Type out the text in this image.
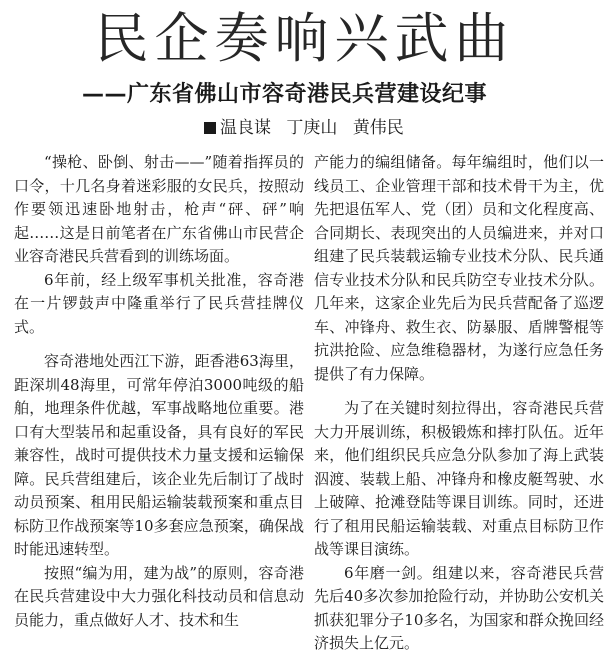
民企奏响兴武曲
——广东省佛山市容奇港民兵营建设纪事
温良谋 丁庚山 黄伟民

“操枪、卧倒、射击——”随着指挥员的口令，十几名身着迷彩服的女民兵，按照动作要领迅速卧地射击，枪声“砰、砰”响起……这是日前笔者在广东省佛山市民营企业容奇港民兵营看到的训练场面。

6年前，经上级军事机关批准，容奇港在一片锣鼓声中隆重举行了民兵营挂牌仪式。

容奇港地处西江下游，距香港63海里，距深圳48海里，可常年停泊3000吨级的船舶，地理条件优越，军事战略地位重要。港口有大型装吊和起重设备，具有良好的军民兼容性，战时可提供技术力量支援和运输保障。民兵营组建后，该企业先后制订了战时动员预案、租用民船运输装载预案和重点目标防卫作战预案等10多套应急预案，确保战时能迅速转型。

按照“编为用，建为战”的原则，容奇港在民兵营建设中大力强化科技动员和信息动员能力，重点做好人才、技术和生

产能力的编组储备。每年编组时，他们以一线员工、企业管理干部和技术骨干为主，优先把退伍军人、党（团）员和文化程度高、合同期长、表现突出的人员编进来，并对口组建了民兵装载运输专业技术分队、民兵通信专业技术分队和民兵防空专业技术分队。几年来，这家企业先后为民兵营配备了巡逻车、冲锋舟、救生衣、防暴服、盾牌警棍等抗洪抢险、应急维稳器材，为遂行应急任务提供了有力保障。

为了在关键时刻拉得出，容奇港民兵营大力开展训练，积极锻炼和摔打队伍。近年来，他们组织民兵应急分队参加了海上武装泅渡、装载上船、冲锋舟和橡皮艇驾驶、水上破障、抢滩登陆等课目训练。同时，还进行了租用民船运输装载、对重点目标防卫作战等课目演练。

6年磨一剑。组建以来，容奇港民兵营先后40多次参加抢险行动，并协助公安机关抓获犯罪分子10多名，为国家和群众挽回经济损失上亿元。
